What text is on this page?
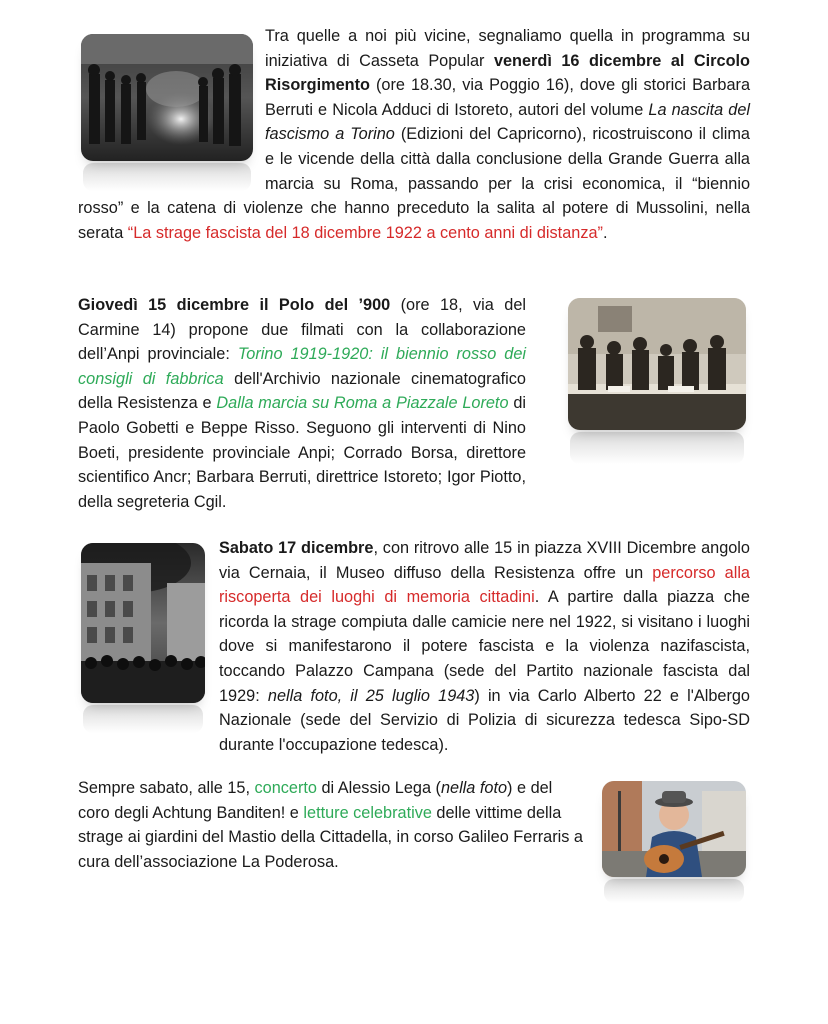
Tra quelle a noi più vicine, segnaliamo quella in programma su iniziativa di Casseta Popular venerdì 16 dicembre al Circolo Risorgimento (ore 18.30, via Poggio 16), dove gli storici Barbara Berruti e Nicola Adduci di Istoreto, autori del volume La nascita del fascismo a Torino (Edizioni del Capricorno), ricostruiscono il clima e le vicende della città dalla conclusione della Grande Guerra alla marcia su Roma, passando per la crisi economica, il “biennio rosso” e la catena di violenze che hanno preceduto la salita al potere di Mussolini, nella serata “La strage fascista del 18 dicembre 1922 a cento anni di distanza”.

Giovedì 15 dicembre il Polo del ’900 (ore 18, via del Carmine 14) propone due filmati con la collaborazione dell’Anpi provinciale: Torino 1919-1920: il biennio rosso dei consigli di fabbrica dell'Archivio nazionale cinematografico della Resistenza e Dalla marcia su Roma a Piazzale Loreto di Paolo Gobetti e Beppe Risso. Seguono gli interventi di Nino Boeti, presidente provinciale Anpi; Corrado Borsa, direttore scientifico Ancr; Barbara Berruti, direttrice Istoreto; Igor Piotto, della segreteria Cgil.

Sabato 17 dicembre, con ritrovo alle 15 in piazza XVIII Dicembre angolo via Cernaia, il Museo diffuso della Resistenza offre un percorso alla riscoperta dei luoghi di memoria cittadini. A partire dalla piazza che ricorda la strage compiuta dalle camicie nere nel 1922, si visitano i luoghi dove si manifestarono il potere fascista e la violenza nazifascista, toccando Palazzo Campana (sede del Partito nazionale fascista dal 1929: nella foto, il 25 luglio 1943) in via Carlo Alberto 22 e l'Albergo Nazionale (sede del Servizio di Polizia di sicurezza tedesca Sipo-SD durante l'occupazione tedesca).

Sempre sabato, alle 15, concerto di Alessio Lega (nella foto) e del coro degli Achtung Banditen! e letture celebrative delle vittime della strage ai giardini del Mastio della Cittadella, in corso Galileo Ferraris a cura dell’associazione La Poderosa.
